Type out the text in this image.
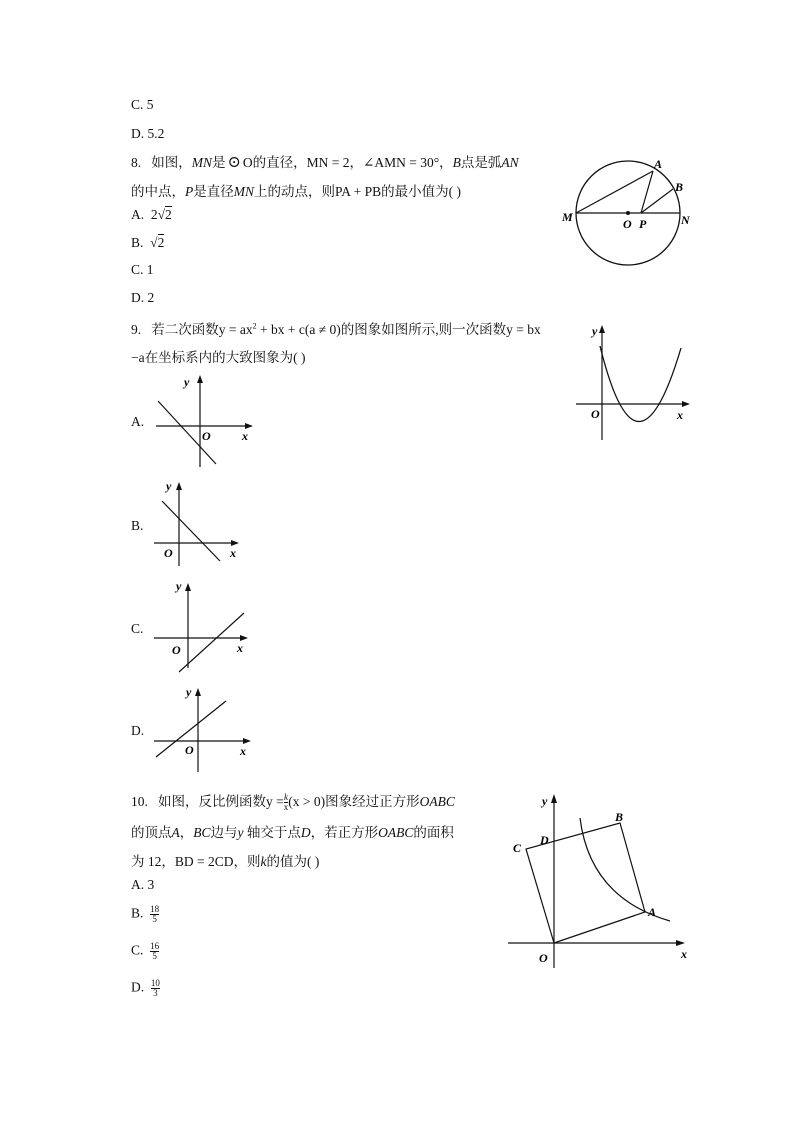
C. 5
D. 5.2
8. 如图，MN是 ⊙ O的直径，MN = 2，∠AMN = 30°，B点是弧AN
的中点，P是直径MN上的动点，则PA + PB的最小值为( )
A. 2√2
B. √2
C. 1
D. 2
A
B
M	O P	N
9. 若二次函数$y = ax^2$ + bx + c(a ≠ 0)的图象如图所示,则一次函数y = bx
−a在坐标系内的大致图象为( )
y
x
O
A.
y
x
O
B.
y
x
O
C.
y
x
O
D.
y
x
O
10. 如图，反比例函数$y = \frac{k}{x} (x > 0)$图象经过正方形OABC
的顶点A，BC边与y 轴交于点D，若正方形OABC的面积
为 12，BD = 2CD，则k的值为( )
A. 3
B. $\frac{18}{5}$
C. $\frac{16}{5}$
D. $\frac{10}{3}$
y
x
O
A
B
C
D
